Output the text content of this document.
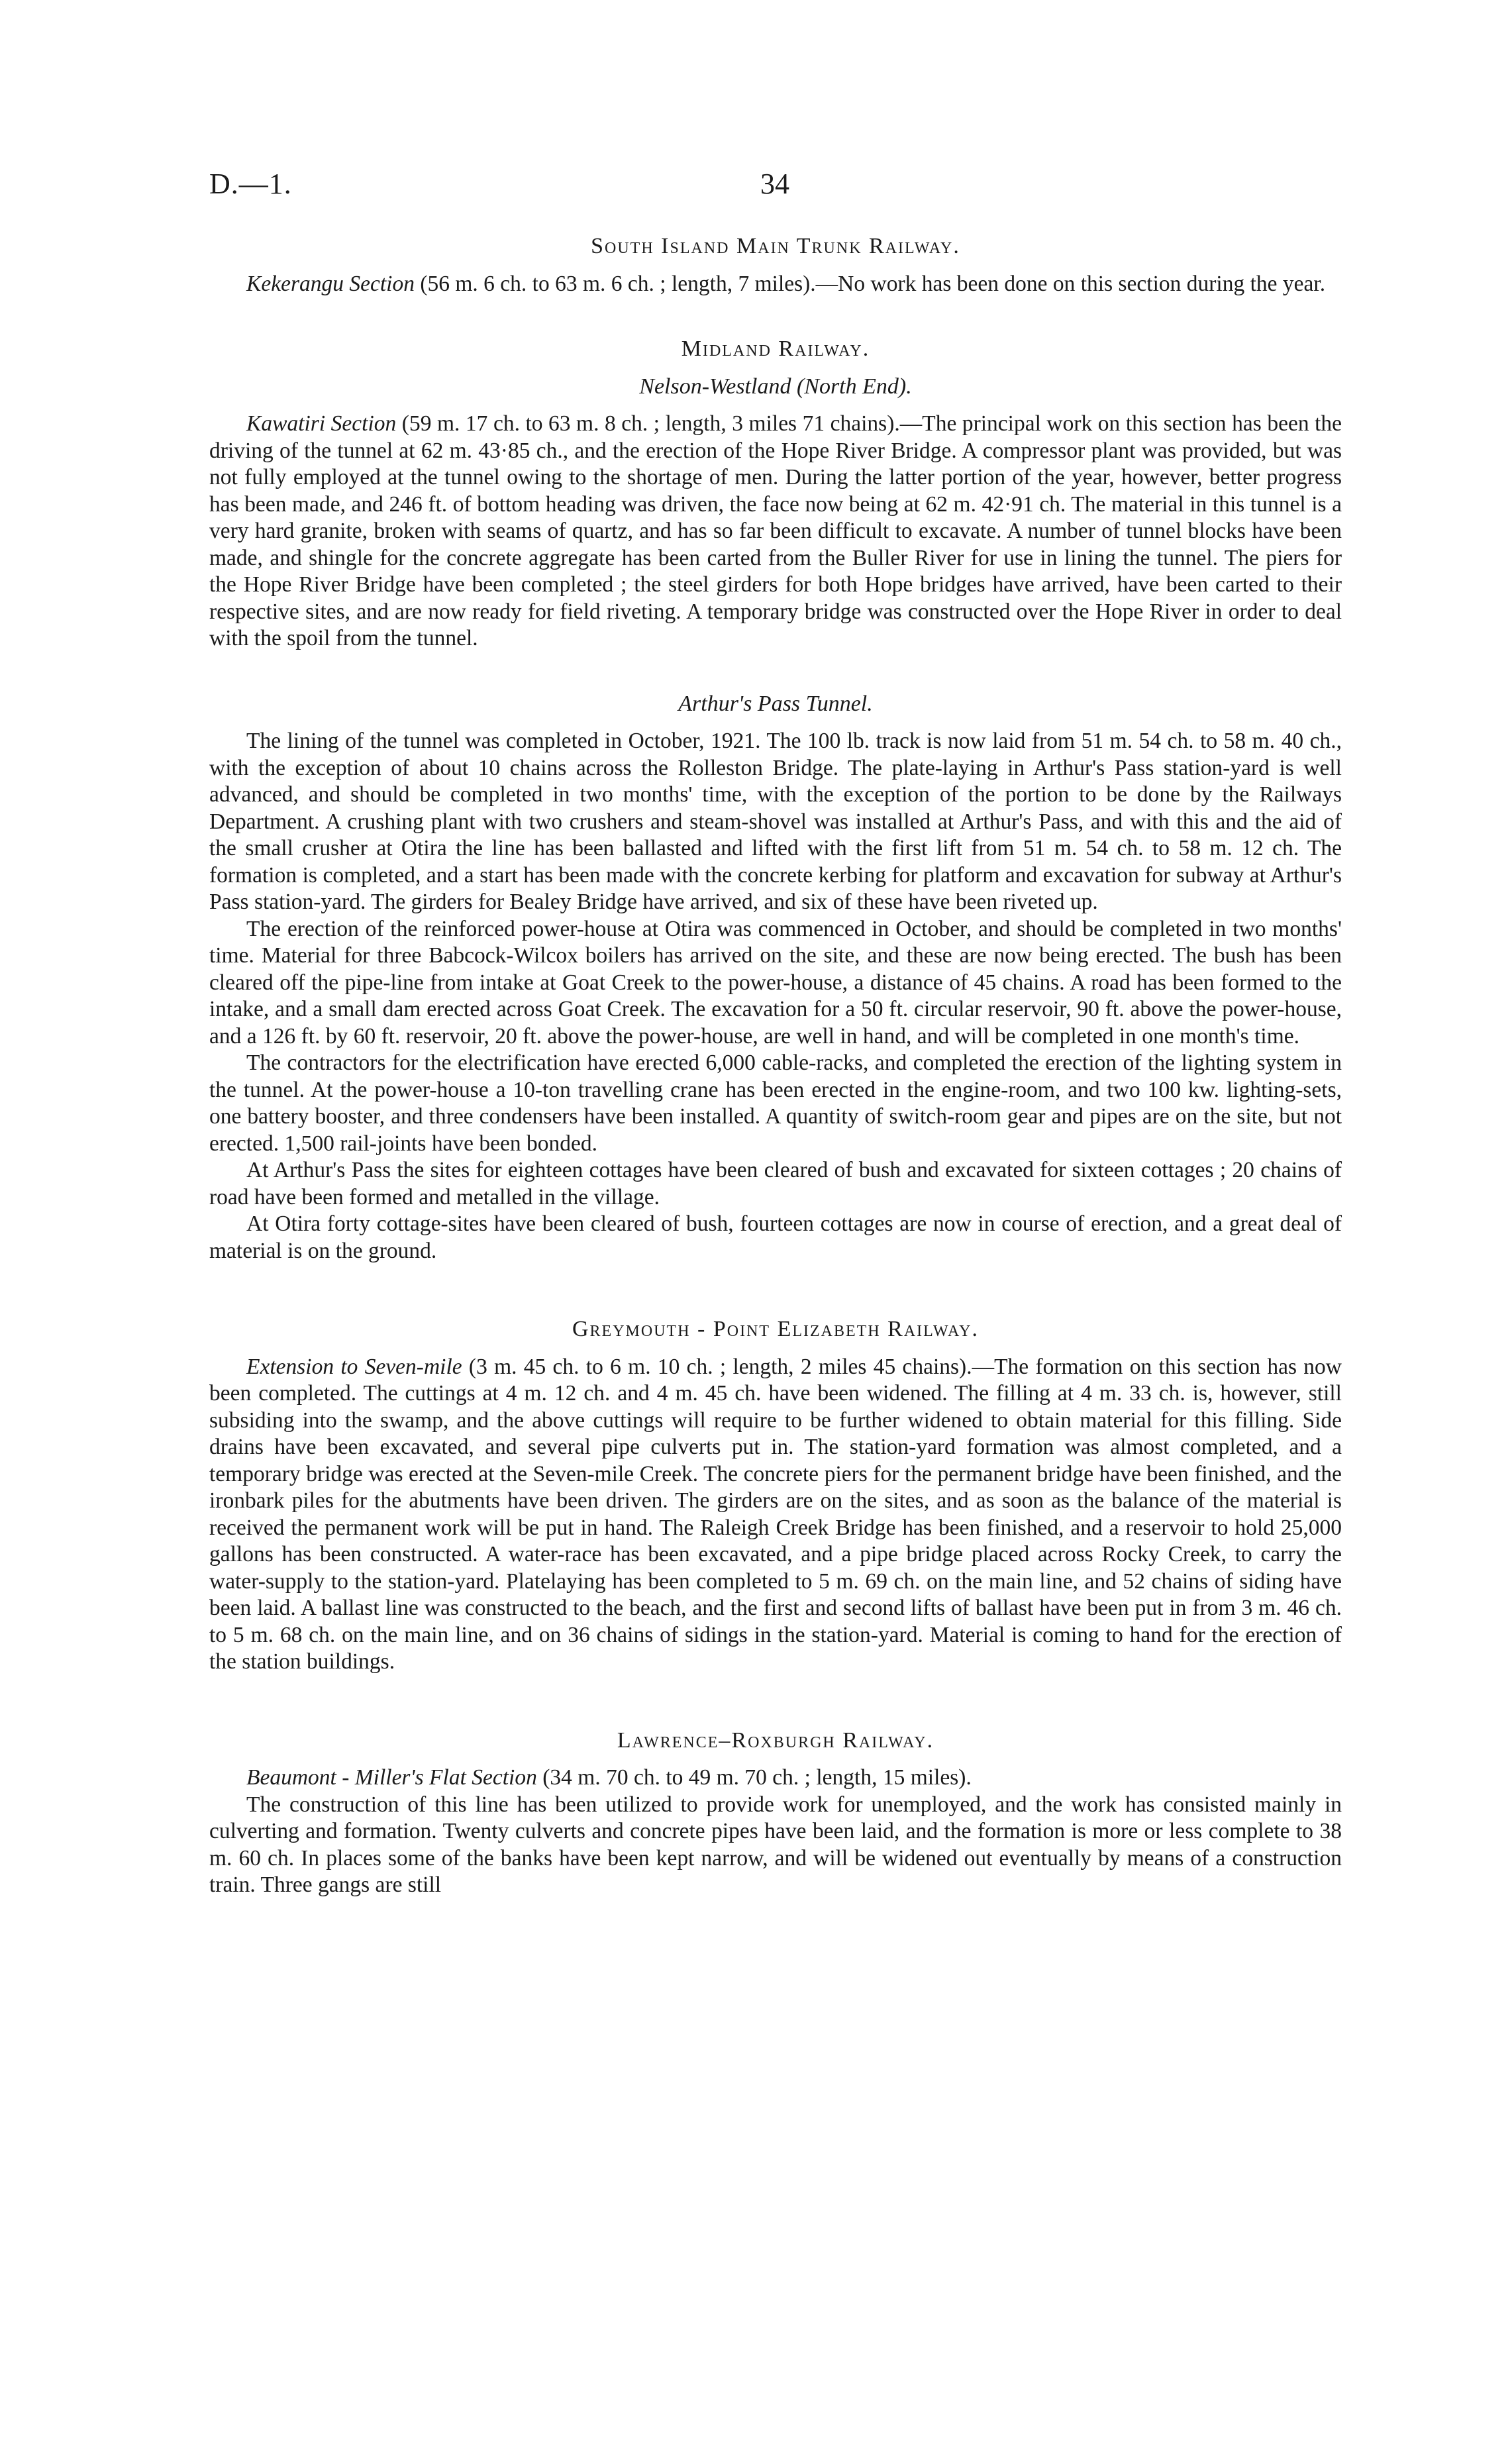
D.—1.	34
South Island Main Trunk Railway.

Kekerangu Section (56 m. 6 ch. to 63 m. 6 ch. ; length, 7 miles).—No work has been done on this section during the year.

Midland Railway.
Nelson-Westland (North End).

Kawatiri Section (59 m. 17 ch. to 63 m. 8 ch. ; length, 3 miles 71 chains).—The principal work on this section has been the driving of the tunnel at 62 m. 43·85 ch., and the erection of the Hope River Bridge. A compressor plant was provided, but was not fully employed at the tunnel owing to the shortage of men. During the latter portion of the year, however, better progress has been made, and 246 ft. of bottom heading was driven, the face now being at 62 m. 42·91 ch. The material in this tunnel is a very hard granite, broken with seams of quartz, and has so far been difficult to excavate. A number of tunnel blocks have been made, and shingle for the concrete aggregate has been carted from the Buller River for use in lining the tunnel. The piers for the Hope River Bridge have been completed ; the steel girders for both Hope bridges have arrived, have been carted to their respective sites, and are now ready for field riveting. A temporary bridge was constructed over the Hope River in order to deal with the spoil from the tunnel.

Arthur's Pass Tunnel.

The lining of the tunnel was completed in October, 1921. The 100 lb. track is now laid from 51 m. 54 ch. to 58 m. 40 ch., with the exception of about 10 chains across the Rolleston Bridge. The plate-laying in Arthur's Pass station-yard is well advanced, and should be completed in two months' time, with the exception of the portion to be done by the Railways Department. A crushing plant with two crushers and steam-shovel was installed at Arthur's Pass, and with this and the aid of the small crusher at Otira the line has been ballasted and lifted with the first lift from 51 m. 54 ch. to 58 m. 12 ch. The formation is completed, and a start has been made with the concrete kerbing for platform and excavation for subway at Arthur's Pass station-yard. The girders for Bealey Bridge have arrived, and six of these have been riveted up.

The erection of the reinforced power-house at Otira was commenced in October, and should be completed in two months' time. Material for three Babcock-Wilcox boilers has arrived on the site, and these are now being erected. The bush has been cleared off the pipe-line from intake at Goat Creek to the power-house, a distance of 45 chains. A road has been formed to the intake, and a small dam erected across Goat Creek. The excavation for a 50 ft. circular reservoir, 90 ft. above the power-house, and a 126 ft. by 60 ft. reservoir, 20 ft. above the power-house, are well in hand, and will be completed in one month's time.

The contractors for the electrification have erected 6,000 cable-racks, and completed the erection of the lighting system in the tunnel. At the power-house a 10-ton travelling crane has been erected in the engine-room, and two 100 kw. lighting-sets, one battery booster, and three condensers have been installed. A quantity of switch-room gear and pipes are on the site, but not erected. 1,500 rail-joints have been bonded.

At Arthur's Pass the sites for eighteen cottages have been cleared of bush and excavated for sixteen cottages ; 20 chains of road have been formed and metalled in the village.

At Otira forty cottage-sites have been cleared of bush, fourteen cottages are now in course of erection, and a great deal of material is on the ground.

Greymouth - Point Elizabeth Railway.

Extension to Seven-mile (3 m. 45 ch. to 6 m. 10 ch. ; length, 2 miles 45 chains).—The formation on this section has now been completed. The cuttings at 4 m. 12 ch. and 4 m. 45 ch. have been widened. The filling at 4 m. 33 ch. is, however, still subsiding into the swamp, and the above cuttings will require to be further widened to obtain material for this filling. Side drains have been excavated, and several pipe culverts put in. The station-yard formation was almost completed, and a temporary bridge was erected at the Seven-mile Creek. The concrete piers for the permanent bridge have been finished, and the ironbark piles for the abutments have been driven. The girders are on the sites, and as soon as the balance of the material is received the permanent work will be put in hand. The Raleigh Creek Bridge has been finished, and a reservoir to hold 25,000 gallons has been constructed. A water-race has been excavated, and a pipe bridge placed across Rocky Creek, to carry the water-supply to the station-yard. Platelaying has been completed to 5 m. 69 ch. on the main line, and 52 chains of siding have been laid. A ballast line was constructed to the beach, and the first and second lifts of ballast have been put in from 3 m. 46 ch. to 5 m. 68 ch. on the main line, and on 36 chains of sidings in the station-yard. Material is coming to hand for the erection of the station buildings.

Lawrence–Roxburgh Railway.

Beaumont - Miller's Flat Section (34 m. 70 ch. to 49 m. 70 ch. ; length, 15 miles).

The construction of this line has been utilized to provide work for unemployed, and the work has consisted mainly in culverting and formation. Twenty culverts and concrete pipes have been laid, and the formation is more or less complete to 38 m. 60 ch. In places some of the banks have been kept narrow, and will be widened out eventually by means of a construction train. Three gangs are still
